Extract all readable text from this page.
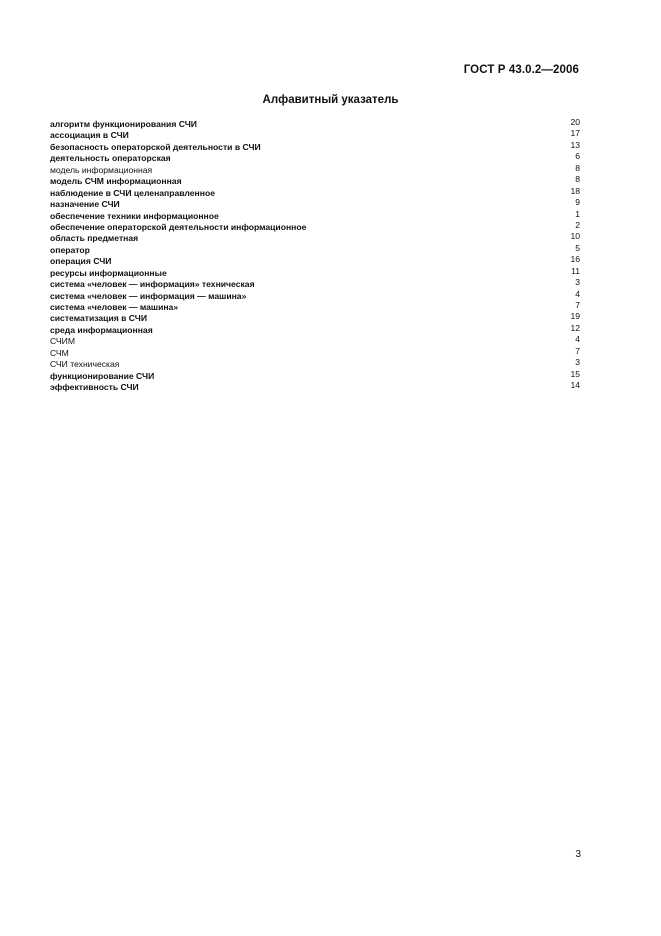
ГОСТ Р 43.0.2—2006
Алфавитный указатель
алгоритм функционирования СЧИ	20
ассоциация в СЧИ	17
безопасность операторской деятельности в СЧИ	13
деятельность операторская	6
модель информационная	8
модель СЧМ информационная	8
наблюдение в СЧИ целенаправленное	18
назначение СЧИ	9
обеспечение техники информационное	1
обеспечение операторской деятельности информационное	2
область предметная	10
оператор	5
операция СЧИ	16
ресурсы информационные	11
система «человек — информация» техническая	3
система «человек — информация — машина»	4
система «человек — машина»	7
систематизация в СЧИ	19
среда информационная	12
СЧИМ	4
СЧМ	7
СЧИ техническая	3
функционирование СЧИ	15
эффективность СЧИ	14
3
